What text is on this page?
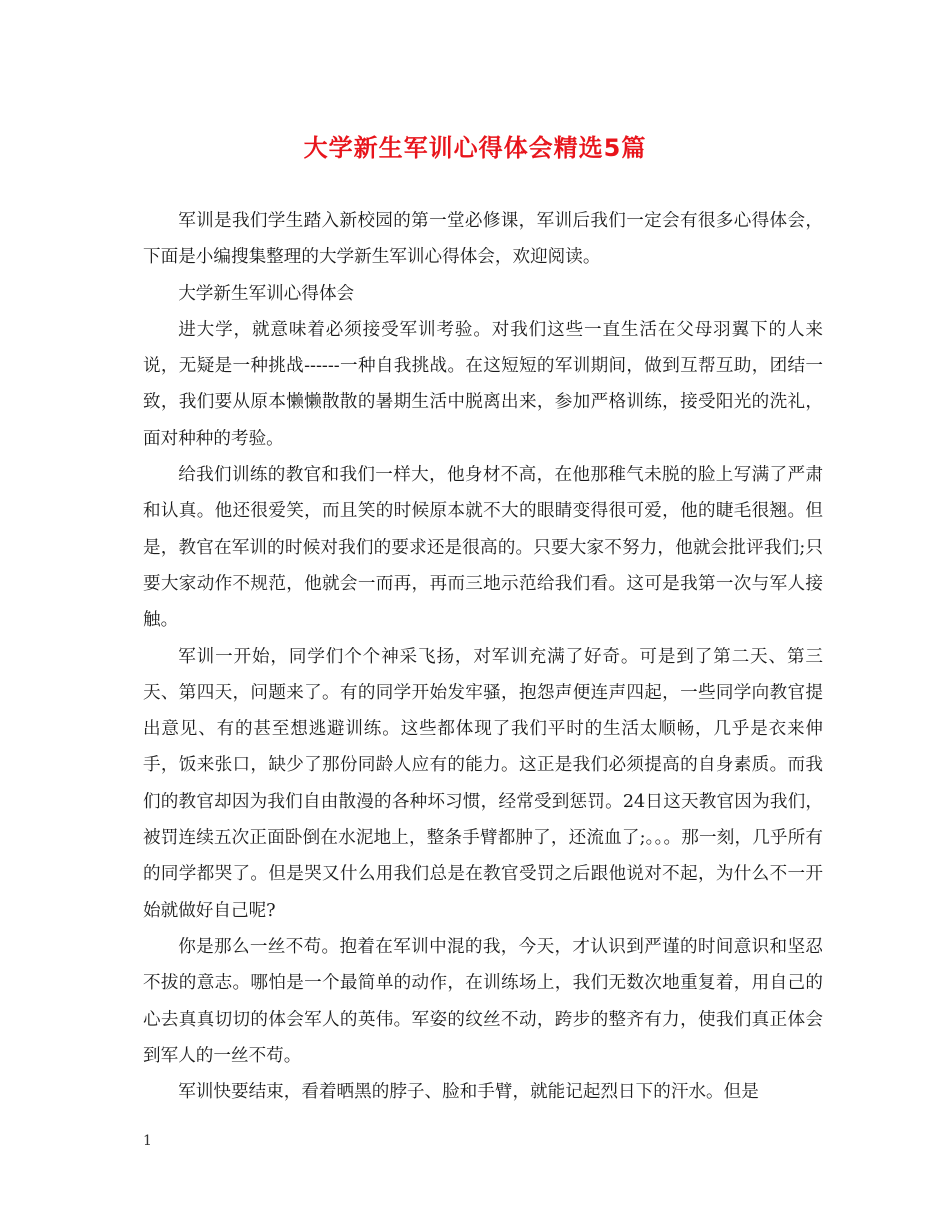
大学新生军训心得体会精选5篇

军训是我们学生踏入新校园的第一堂必修课，军训后我们一定会有很多心得体会，下面是小编搜集整理的大学新生军训心得体会，欢迎阅读。

大学新生军训心得体会

进大学，就意味着必须接受军训考验。对我们这些一直生活在父母羽翼下的人来说，无疑是一种挑战------一种自我挑战。在这短短的军训期间，做到互帮互助，团结一致，我们要从原本懒懒散散的暑期生活中脱离出来，参加严格训练，接受阳光的洗礼，面对种种的考验。

给我们训练的教官和我们一样大，他身材不高，在他那稚气未脱的脸上写满了严肃和认真。他还很爱笑，而且笑的时候原本就不大的眼睛变得很可爱，他的睫毛很翘。但是，教官在军训的时候对我们的要求还是很高的。只要大家不努力，他就会批评我们;只要大家动作不规范，他就会一而再，再而三地示范给我们看。这可是我第一次与军人接触。

军训一开始，同学们个个神采飞扬，对军训充满了好奇。可是到了第二天、第三天、第四天，问题来了。有的同学开始发牢骚，抱怨声便连声四起，一些同学向教官提出意见、有的甚至想逃避训练。这些都体现了我们平时的生活太顺畅，几乎是衣来伸手，饭来张口，缺少了那份同龄人应有的能力。这正是我们必须提高的自身素质。而我们的教官却因为我们自由散漫的各种坏习惯，经常受到惩罚。24日这天教官因为我们，被罚连续五次正面卧倒在水泥地上，整条手臂都肿了，还流血了;。。。那一刻，几乎所有的同学都哭了。但是哭又什么用我们总是在教官受罚之后跟他说对不起，为什么不一开始就做好自己呢?

你是那么一丝不苟。抱着在军训中混的我，今天，才认识到严谨的时间意识和坚忍不拔的意志。哪怕是一个最简单的动作，在训练场上，我们无数次地重复着，用自己的心去真真切切的体会军人的英伟。军姿的纹丝不动，跨步的整齐有力，使我们真正体会到军人的一丝不苟。

军训快要结束，看着晒黑的脖子、脸和手臂，就能记起烈日下的汗水。但是

1
